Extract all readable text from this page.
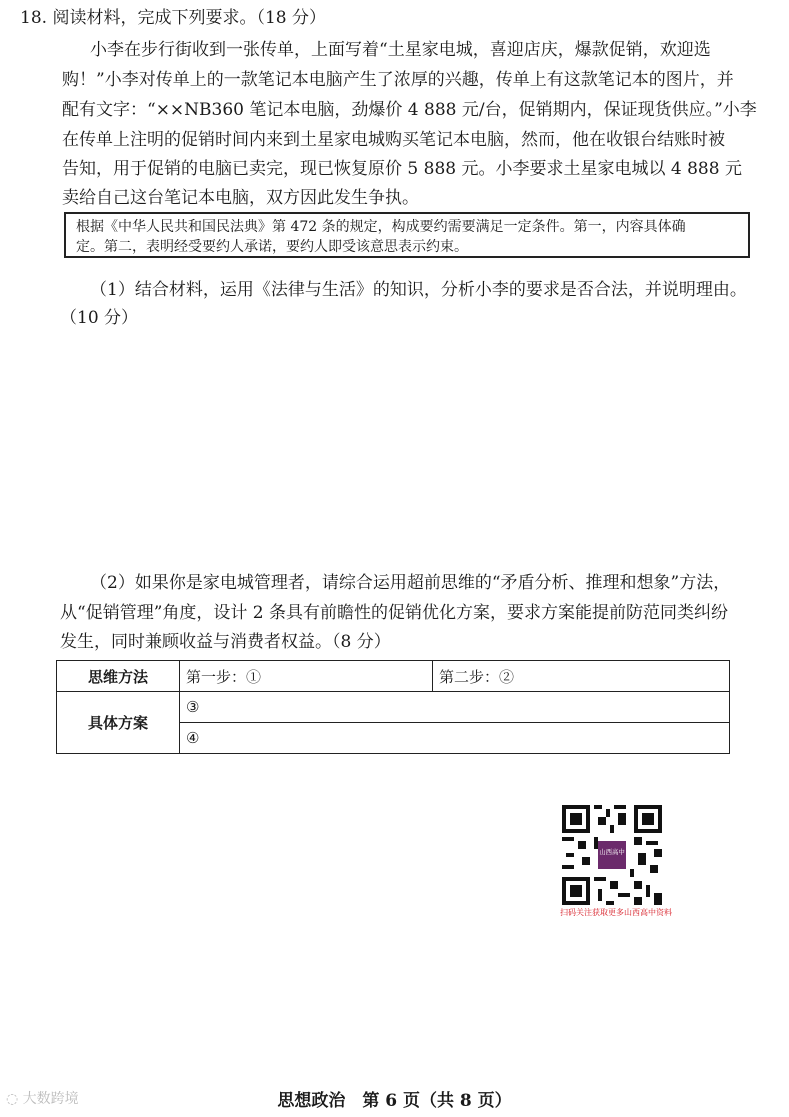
18. 阅读材料，完成下列要求。（18 分）
小李在步行街收到一张传单，上面写着“土星家电城，喜迎店庆，爆款促销，欢迎选
购！”小李对传单上的一款笔记本电脑产生了浓厚的兴趣，传单上有这款笔记本的图片，并
配有文字：“××NB360 笔记本电脑，劲爆价 4 888 元/台，促销期内，保证现货供应。”小李
在传单上注明的促销时间内来到土星家电城购买笔记本电脑，然而，他在收银台结账时被
告知，用于促销的电脑已卖完，现已恢复原价 5 888 元。小李要求土星家电城以 4 888 元
卖给自己这台笔记本电脑，双方因此发生争执。
根据《中华人民共和国民法典》第 472 条的规定，构成要约需要满足一定条件。第一，内容具体确
定。第二，表明经受要约人承诺，要约人即受该意思表示约束。
（1）结合材料，运用《法律与生活》的知识，分析小李的要求是否合法，并说明理由。
（10 分）
（2）如果你是家电城管理者，请综合运用超前思维的“矛盾分析、推理和想象”方法，
从“促销管理”角度，设计 2 条具有前瞻性的促销优化方案，要求方案能提前防范同类纠纷
发生，同时兼顾收益与消费者权益。（8 分）
思维方法	第一步：①	第二步：②
具体方案	③	
	④	
山西高中
扫码关注获取更多山西高中资料
◌ 大数跨境	思想政治　第 6 页（共 8 页）
